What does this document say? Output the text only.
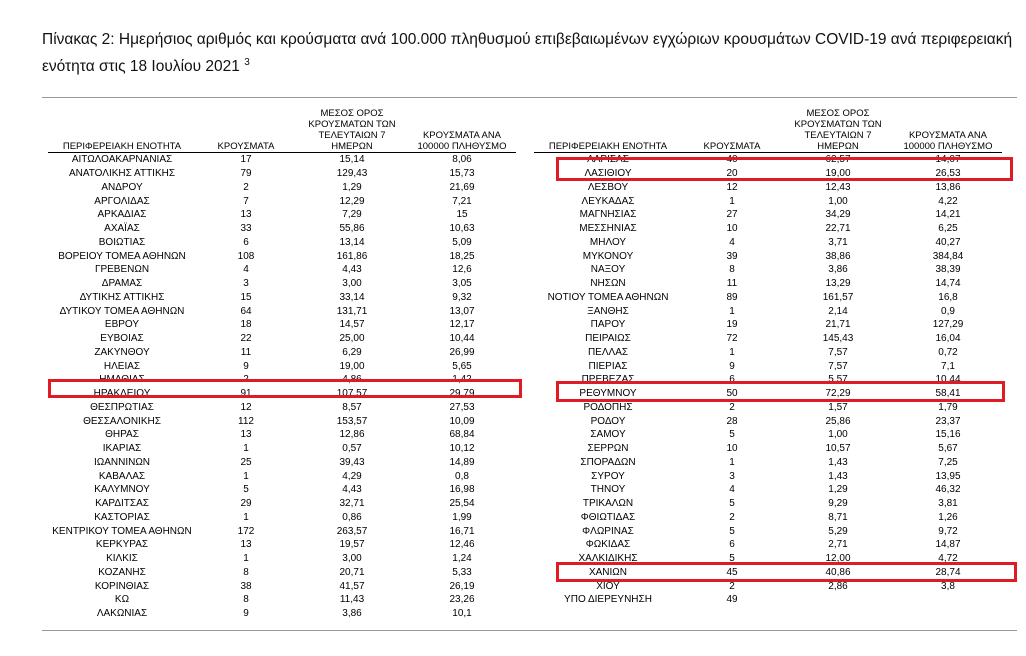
Πίνακας 2: Ημερήσιος αριθμός και κρούσματα ανά 100.000 πληθυσμού επιβεβαιωμένων εγχώριων κρουσμάτων COVID-19 ανά περιφερειακή ενότητα στις 18 Ιουλίου 2021 $^3$
ΠΕΡΙΦΕΡΕΙΑΚΗ ΕΝΟΤΗΤΑ	ΚΡΟΥΣΜΑΤΑ	ΜΕΣΟΣ ΟΡΟΣ ΚΡΟΥΣΜΑΤΩΝ ΤΩΝ ΤΕΛΕΥΤΑΙΩΝ 7 ΗΜΕΡΩΝ	ΚΡΟΥΣΜΑΤΑ ΑΝΑ 100000 ΠΛΗΘΥΣΜΟ
ΑΙΤΩΛΟΑΚΑΡΝΑΝΙΑΣ	17	15,14	8,06
ΑΝΑΤΟΛΙΚΗΣ ΑΤΤΙΚΗΣ	79	129,43	15,73
ΑΝΔΡΟΥ	2	1,29	21,69
ΑΡΓΟΛΙΔΑΣ	7	12,29	7,21
ΑΡΚΑΔΙΑΣ	13	7,29	15
ΑΧΑΪΑΣ	33	55,86	10,63
ΒΟΙΩΤΙΑΣ	6	13,14	5,09
ΒΟΡΕΙΟΥ ΤΟΜΕΑ ΑΘΗΝΩΝ	108	161,86	18,25
ΓΡΕΒΕΝΩΝ	4	4,43	12,6
ΔΡΑΜΑΣ	3	3,00	3,05
ΔΥΤΙΚΗΣ ΑΤΤΙΚΗΣ	15	33,14	9,32
ΔΥΤΙΚΟΥ ΤΟΜΕΑ ΑΘΗΝΩΝ	64	131,71	13,07
ΕΒΡΟΥ	18	14,57	12,17
ΕΥΒΟΙΑΣ	22	25,00	10,44
ΖΑΚΥΝΘΟΥ	11	6,29	26,99
ΗΛΕΙΑΣ	9	19,00	5,65
ΗΜΑΘΙΑΣ	2	4,86	1,42
ΗΡΑΚΛΕΙΟΥ	91	107,57	29,79
ΘΕΣΠΡΩΤΙΑΣ	12	8,57	27,53
ΘΕΣΣΑΛΟΝΙΚΗΣ	112	153,57	10,09
ΘΗΡΑΣ	13	12,86	68,84
ΙΚΑΡΙΑΣ	1	0,57	10,12
ΙΩΑΝΝΙΝΩΝ	25	39,43	14,89
ΚΑΒΑΛΑΣ	1	4,29	0,8
ΚΑΛΥΜΝΟΥ	5	4,43	16,98
ΚΑΡΔΙΤΣΑΣ	29	32,71	25,54
ΚΑΣΤΟΡΙΑΣ	1	0,86	1,99
ΚΕΝΤΡΙΚΟΥ ΤΟΜΕΑ ΑΘΗΝΩΝ	172	263,57	16,71
ΚΕΡΚΥΡΑΣ	13	19,57	12,46
ΚΙΛΚΙΣ	1	3,00	1,24
ΚΟΖΑΝΗΣ	8	20,71	5,33
ΚΟΡΙΝΘΙΑΣ	38	41,57	26,19
ΚΩ	8	11,43	23,26
ΛΑΚΩΝΙΑΣ	9	3,86	10,1
ΠΕΡΙΦΕΡΕΙΑΚΗ ΕΝΟΤΗΤΑ	ΚΡΟΥΣΜΑΤΑ	ΜΕΣΟΣ ΟΡΟΣ ΚΡΟΥΣΜΑΤΩΝ ΤΩΝ ΤΕΛΕΥΤΑΙΩΝ 7 ΗΜΕΡΩΝ	ΚΡΟΥΣΜΑΤΑ ΑΝΑ 100000 ΠΛΗΘΥΣΜΟ
ΛΑΡΙΣΑΣ	40	62,57	14,07
ΛΑΣΙΘΙΟΥ	20	19,00	26,53
ΛΕΣΒΟΥ	12	12,43	13,86
ΛΕΥΚΑΔΑΣ	1	1,00	4,22
ΜΑΓΝΗΣΙΑΣ	27	34,29	14,21
ΜΕΣΣΗΝΙΑΣ	10	22,71	6,25
ΜΗΛΟΥ	4	3,71	40,27
ΜΥΚΟΝΟΥ	39	38,86	384,84
ΝΑΞΟΥ	8	3,86	38,39
ΝΗΣΩΝ	11	13,29	14,74
ΝΟΤΙΟΥ ΤΟΜΕΑ ΑΘΗΝΩΝ	89	161,57	16,8
ΞΑΝΘΗΣ	1	2,14	0,9
ΠΑΡΟΥ	19	21,71	127,29
ΠΕΙΡΑΙΩΣ	72	145,43	16,04
ΠΕΛΛΑΣ	1	7,57	0,72
ΠΙΕΡΙΑΣ	9	7,57	7,1
ΠΡΕΒΕΖΑΣ	6	5,57	10,44
ΡΕΘΥΜΝΟΥ	50	72,29	58,41
ΡΟΔΟΠΗΣ	2	1,57	1,79
ΡΟΔΟΥ	28	25,86	23,37
ΣΑΜΟΥ	5	1,00	15,16
ΣΕΡΡΩΝ	10	10,57	5,67
ΣΠΟΡΑΔΩΝ	1	1,43	7,25
ΣΥΡΟΥ	3	1,43	13,95
ΤΗΝΟΥ	4	1,29	46,32
ΤΡΙΚΑΛΩΝ	5	9,29	3,81
ΦΘΙΩΤΙΔΑΣ	2	8,71	1,26
ΦΛΩΡΙΝΑΣ	5	5,29	9,72
ΦΩΚΙΔΑΣ	6	2,71	14,87
ΧΑΛΚΙΔΙΚΗΣ	5	12,00	4,72
ΧΑΝΙΩΝ	45	40,86	28,74
ΧΙΟΥ	2	2,86	3,8
ΥΠΟ ΔΙΕΡΕΥΝΗΣΗ	49		
